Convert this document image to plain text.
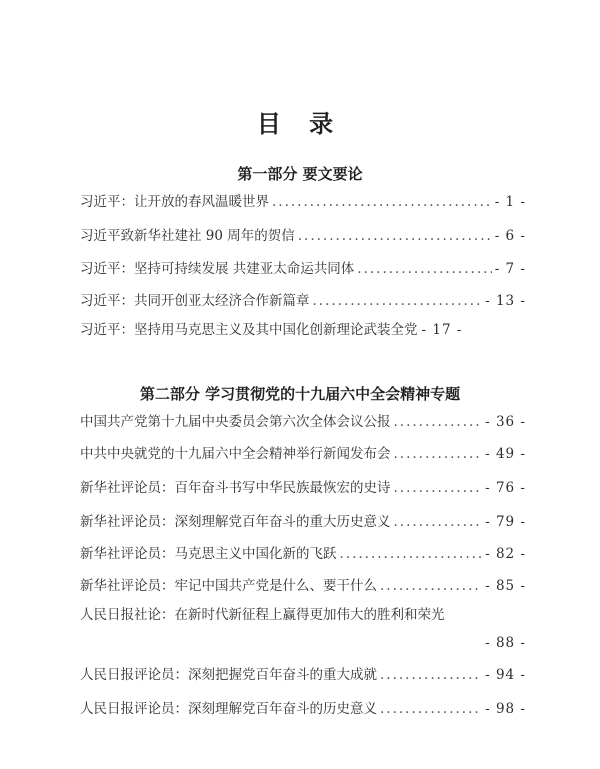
目 录
第一部分 要文要论
习近平：让开放的春风温暖世界 .....	- 1 -
习近平致新华社建社 90 周年的贺信 .....	- 6 -
习近平：坚持可持续发展 共建亚太命运共同体 .....	- 7 -
习近平：共同开创亚太经济合作新篇章 .....	- 13 -
习近平：坚持用马克思主义及其中国化创新理论武装全党 - 17 -
第二部分 学习贯彻党的十九届六中全会精神专题
中国共产党第十九届中央委员会第六次全体会议公报 .....	- 36 -
中共中央就党的十九届六中全会精神举行新闻发布会 .....	- 49 -
新华社评论员：百年奋斗书写中华民族最恢宏的史诗 .....	- 76 -
新华社评论员：深刻理解党百年奋斗的重大历史意义 .....	- 79 -
新华社评论员：马克思主义中国化新的飞跃 .....	- 82 -
新华社评论员：牢记中国共产党是什么、要干什么 .....	- 85 -
人民日报社论：在新时代新征程上赢得更加伟大的胜利和荣光
- 88 -
人民日报评论员：深刻把握党百年奋斗的重大成就 .....	- 94 -
人民日报评论员：深刻理解党百年奋斗的历史意义 .....	- 98 -
